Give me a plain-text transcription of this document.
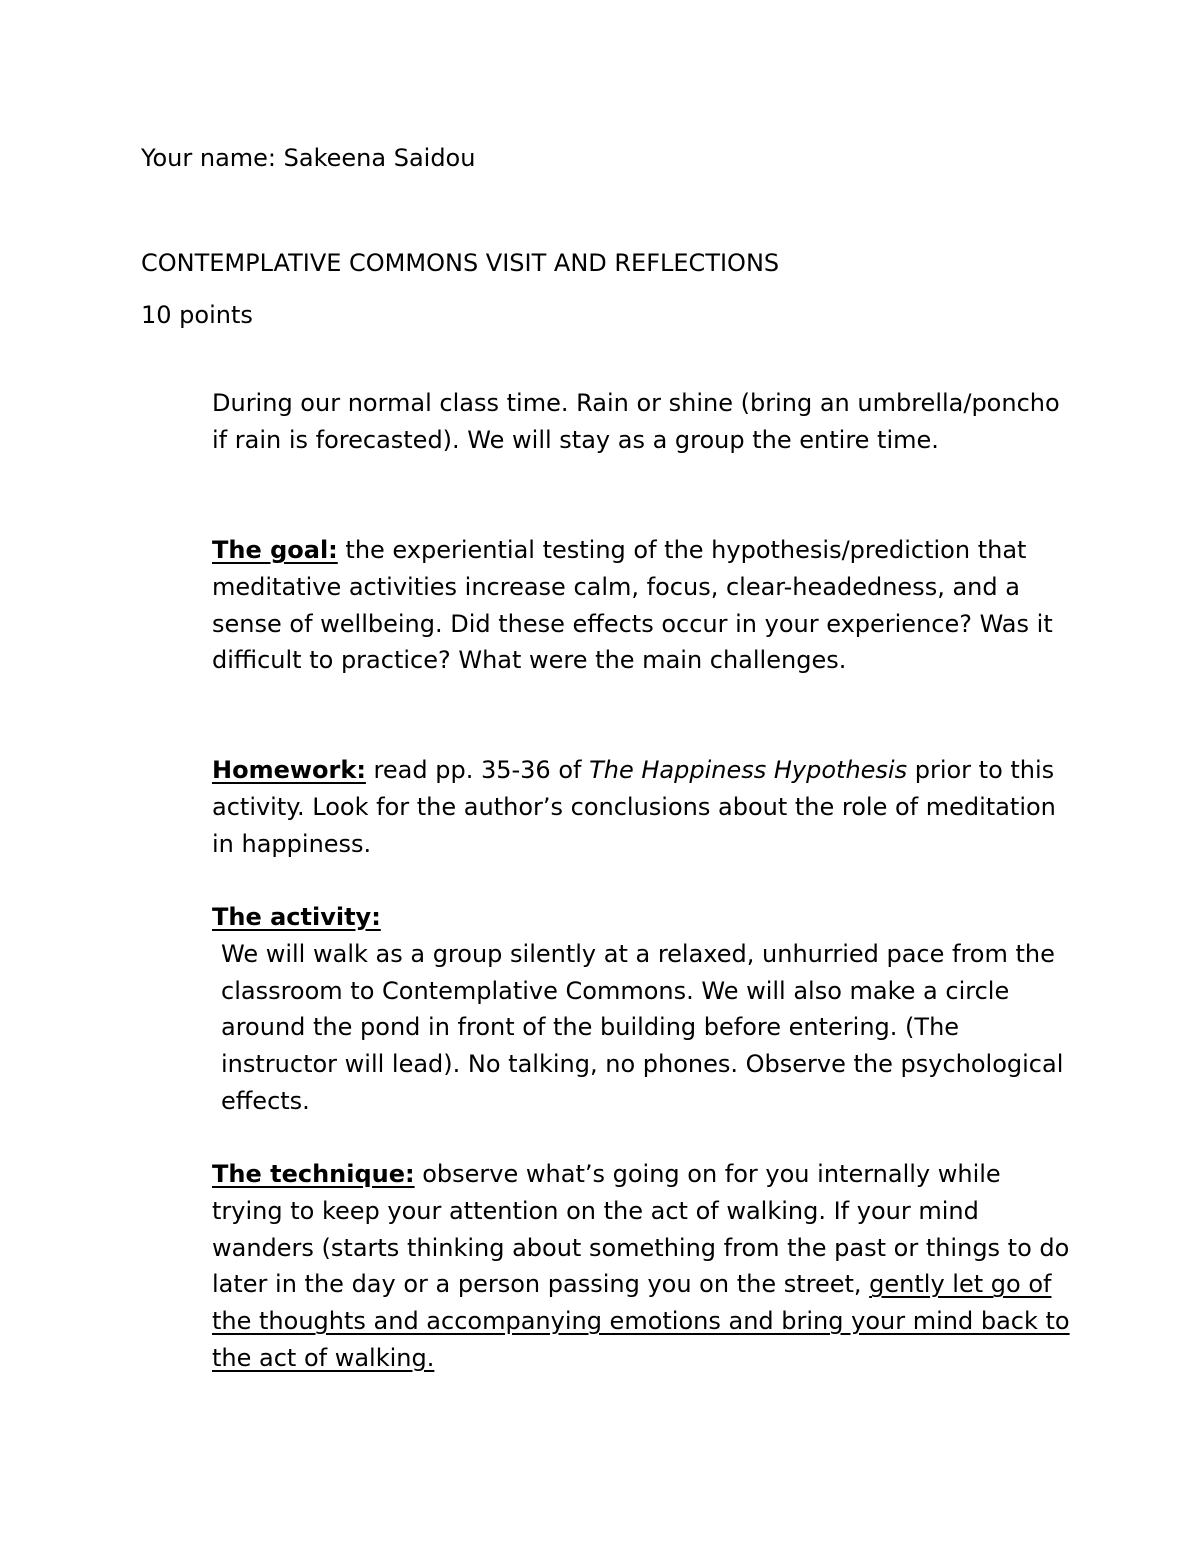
Your name: Sakeena Saidou
CONTEMPLATIVE COMMONS VISIT AND REFLECTIONS
10 points
During our normal class time. Rain or shine (bring an umbrella/poncho if rain is forecasted). We will stay as a group the entire time.
The goal: the experiential testing of the hypothesis/prediction that meditative activities increase calm, focus, clear-headedness, and a sense of wellbeing. Did these effects occur in your experience? Was it difficult to practice? What were the main challenges.
Homework: read pp. 35-36 of The Happiness Hypothesis prior to this activity. Look for the author’s conclusions about the role of meditation in happiness.
The activity:
We will walk as a group silently at a relaxed, unhurried pace from the classroom to Contemplative Commons. We will also make a circle around the pond in front of the building before entering. (The instructor will lead). No talking, no phones. Observe the psychological effects.
The technique: observe what’s going on for you internally while trying to keep your attention on the act of walking. If your mind wanders (starts thinking about something from the past or things to do later in the day or a person passing you on the street, gently let go of the thoughts and accompanying emotions and bring your mind back to the act of walking.
